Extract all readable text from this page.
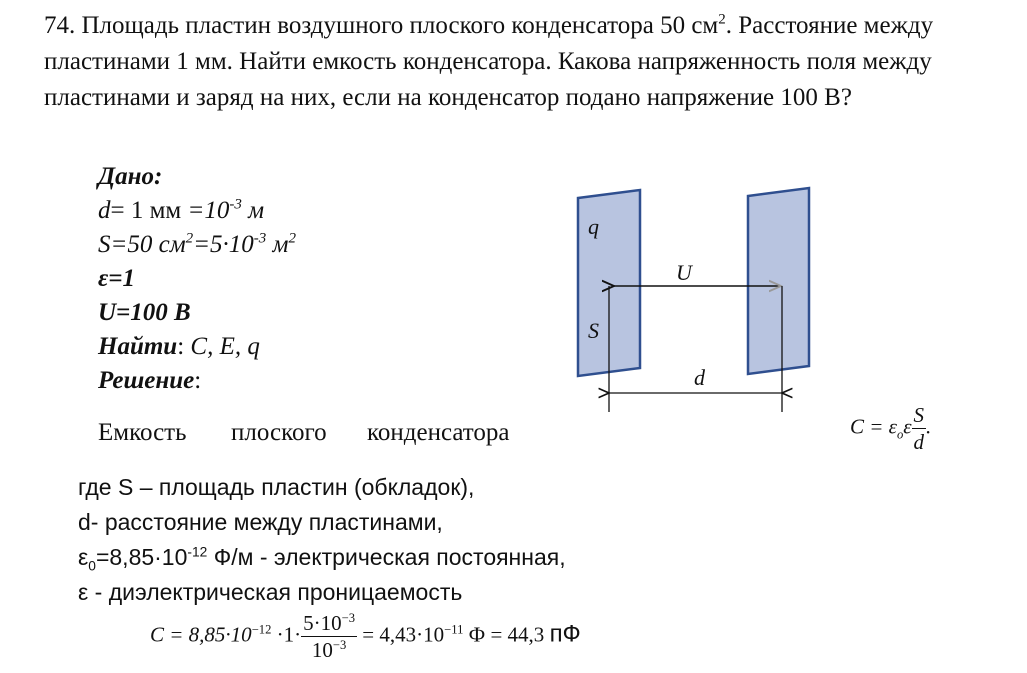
74. Площадь пластин воздушного плоского конденсатора 50 $см^2$. Расстояние между пластинами 1 мм. Найти емкость конденсатора. Какова напряженность поля между пластинами и заряд на них, если на конденсатор подано напряжение 100 В?
Дано:
d= 1 мм $=10^{-3}$ м
S=50 $см^2=5\cdot 10^{-3}$ $м^2$
ε=1
U=100 В
Найти: C, E, q
Решение:
q
U
S
d
Емкость плоского конденсатора	$C = \varepsilon_o\varepsilon \frac{S}{d}$ .
где S – площадь пластин (обкладок),
d- расстояние между пластинами,
$\varepsilon_0=8,85\cdot 10^{-12}$ Ф/м - электрическая постоянная,
ε - диэлектрическая проницаемость
$C = 8,85\cdot 10^{-12} \cdot 1\cdot \frac{5\cdot 10^{-3}}{10^{-3}} = 4,43\cdot 10^{-11}$ Ф = 44,3 пФ
